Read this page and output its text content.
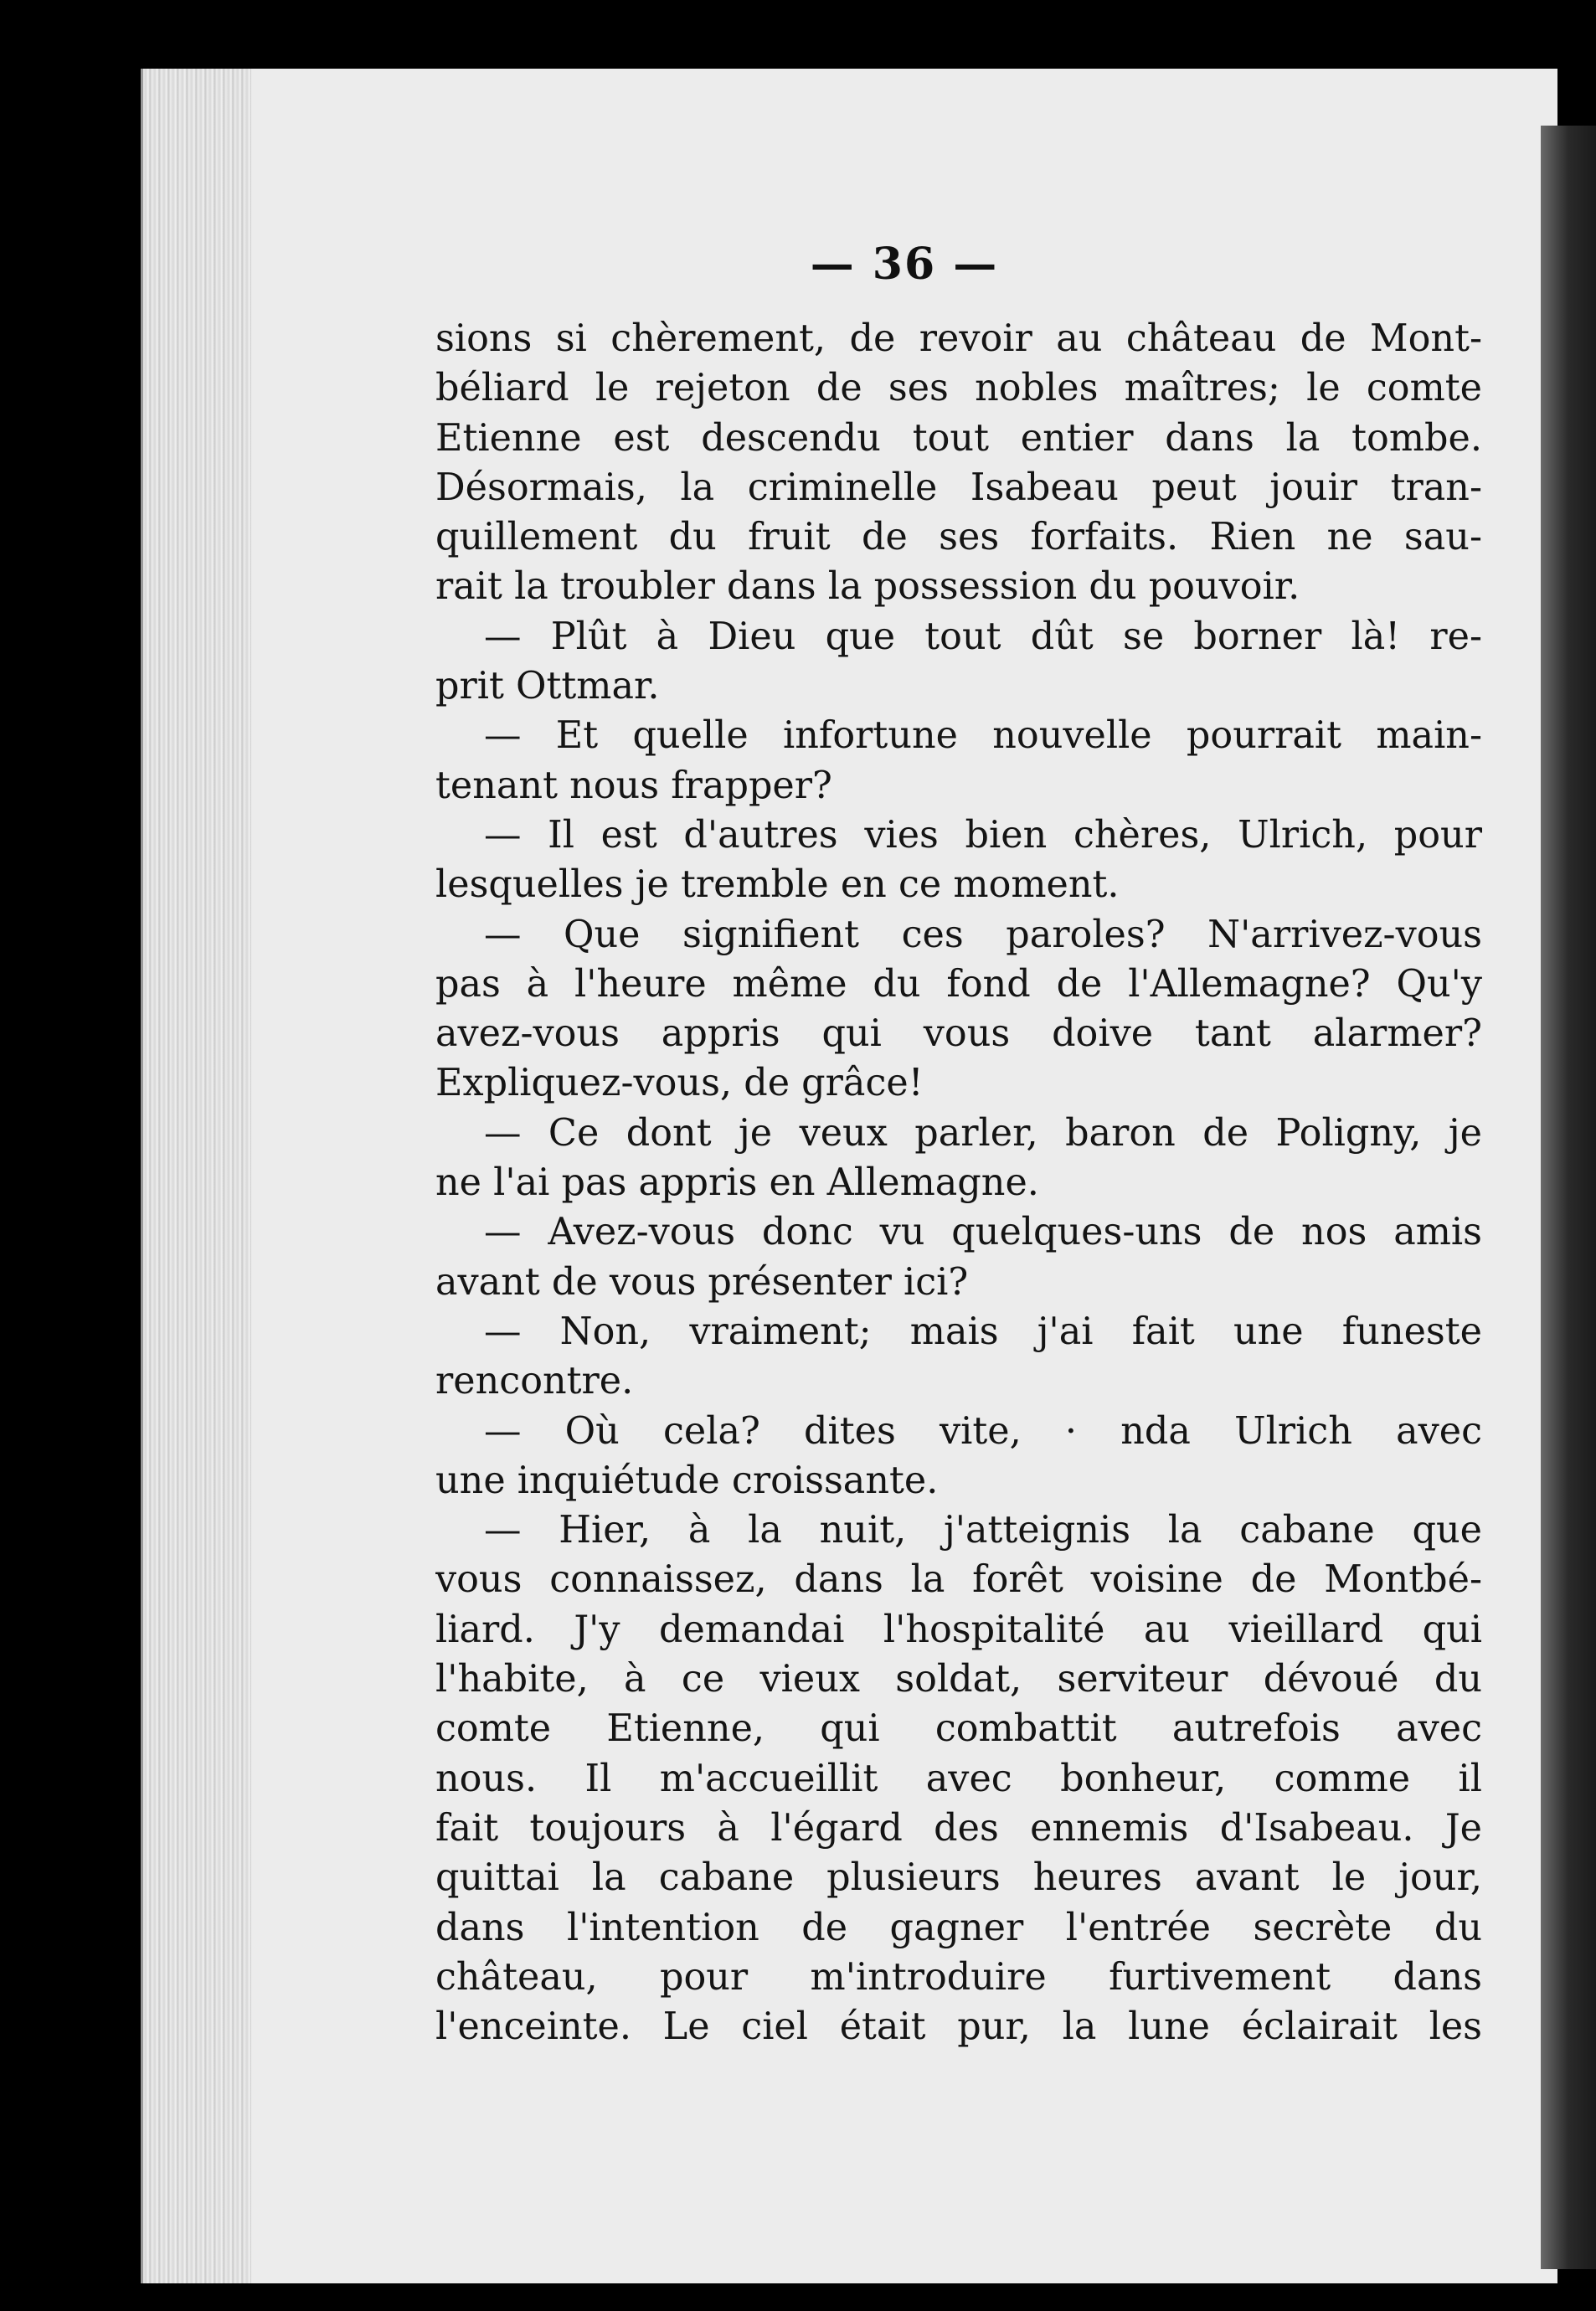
— 36 —
sions si chèrement, de revoir au château de Mont-
béliard le rejeton de ses nobles maîtres; le comte
Etienne est descendu tout entier dans la tombe.
Désormais, la criminelle Isabeau peut jouir tran-
quillement du fruit de ses forfaits. Rien ne sau-
rait la troubler dans la possession du pouvoir.
— Plût à Dieu que tout dût se borner là! re-
prit Ottmar.
— Et quelle infortune nouvelle pourrait main-
tenant nous frapper?
— Il est d'autres vies bien chères, Ulrich, pour
lesquelles je tremble en ce moment.
— Que signifient ces paroles? N'arrivez-vous
pas à l'heure même du fond de l'Allemagne? Qu'y
avez-vous appris qui vous doive tant alarmer?
Expliquez-vous, de grâce!
— Ce dont je veux parler, baron de Poligny, je
ne l'ai pas appris en Allemagne.
— Avez-vous donc vu quelques-uns de nos amis
avant de vous présenter ici?
— Non, vraiment; mais j'ai fait une funeste
rencontre.
— Où cela? dites vite, · nda Ulrich avec
une inquiétude croissante.
— Hier, à la nuit, j'atteignis la cabane que
vous connaissez, dans la forêt voisine de Montbé-
liard. J'y demandai l'hospitalité au vieillard qui
l'habite, à ce vieux soldat, serviteur dévoué du
comte Etienne, qui combattit autrefois avec
nous. Il m'accueillit avec bonheur, comme il
fait toujours à l'égard des ennemis d'Isabeau. Je
quittai la cabane plusieurs heures avant le jour,
dans l'intention de gagner l'entrée secrète du
château, pour m'introduire furtivement dans
l'enceinte. Le ciel était pur, la lune éclairait les
